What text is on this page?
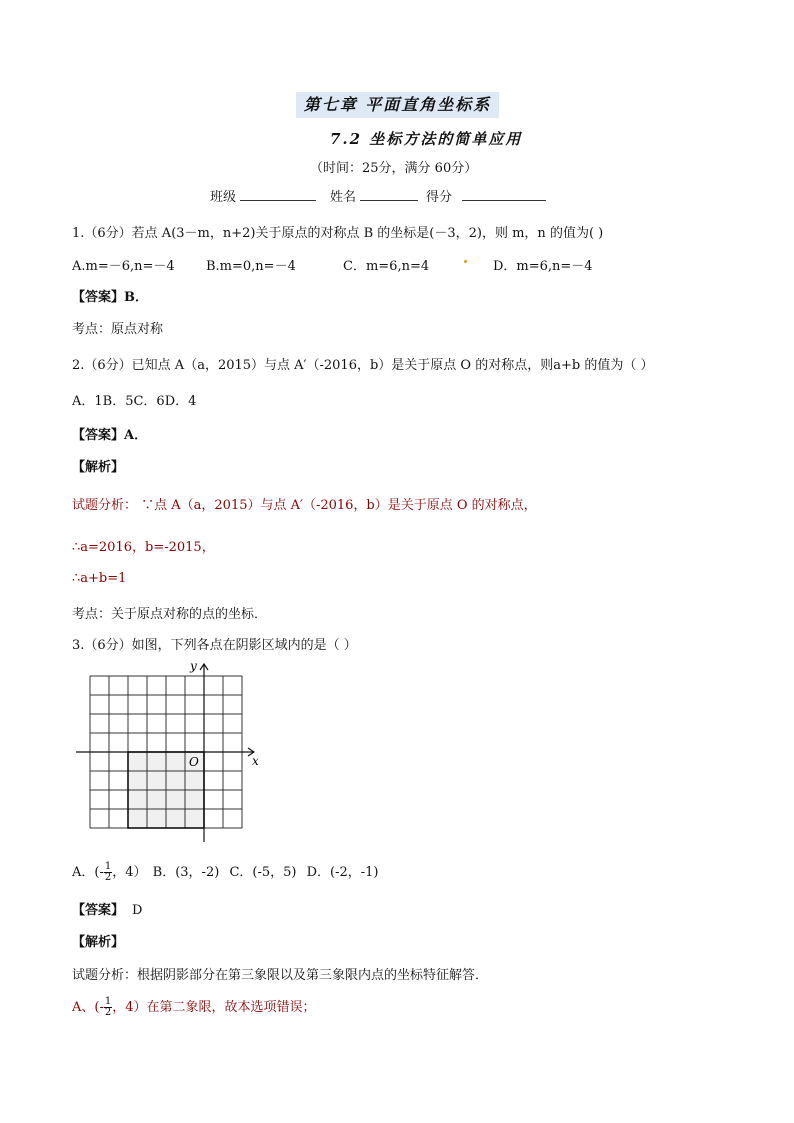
第七章 平面直角坐标系
7.2 坐标方法的简单应用
（时间：25分，满分 60分）
班级	姓名	得分
1.（6分）若点 A(3－m，n+2)关于原点的对称点 B 的坐标是(－3，2)，则 m，n 的值为( )
A.m=－6,n=－4 B.m=0,n=－4	C．m=6,n=4	D．m=6,n=－4
【答案】B．
考点：原点对称
2.（6分）已知点 A（a，2015）与点 A′（-2016，b）是关于原点 O 的对称点，则a+b 的值为（ ）
A．1B．5C．6D．4
【答案】A．
【解析】
试题分析： ∵点 A（a，2015）与点 A′（-2016，b）是关于原点 O 的对称点，
∴a=2016，b=-2015，
∴a+b=1
考点：关于原点对称的点的坐标．
3.（6分）如图，下列各点在阴影区域内的是（ ）
x
y
O
A．(- $\frac{1}{2}$ ，4） B．(3，-2) C．(-5，5) D．(-2，-1)
【答案】 D
【解析】
试题分析：根据阴影部分在第三象限以及第三象限内点的坐标特征解答．
A、(- $\frac{1}{2}$ ，4）在第二象限，故本选项错误；
